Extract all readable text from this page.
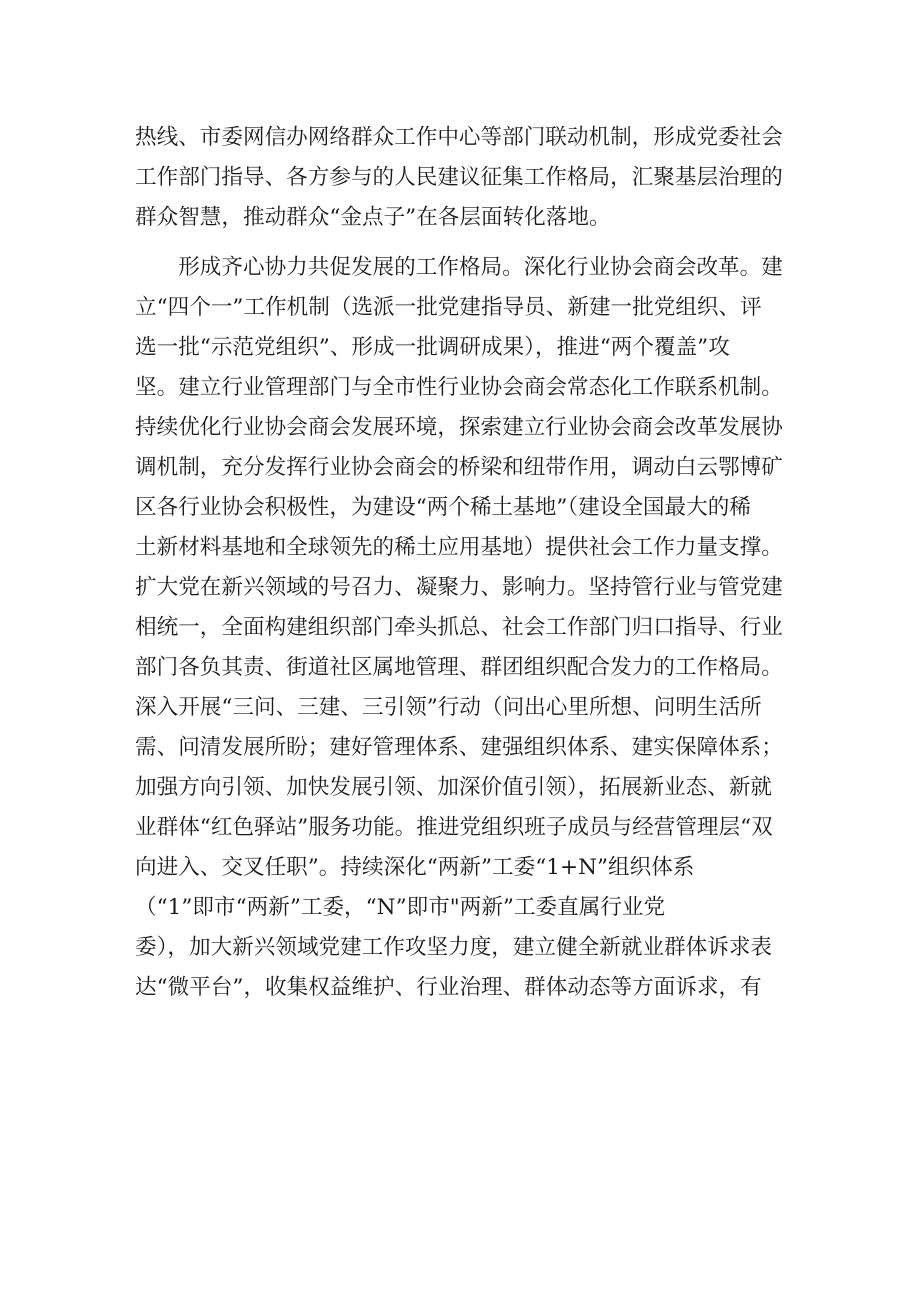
热线、市委网信办网络群众工作中心等部门联动机制，形成党委社会
工作部门指导、各方参与的人民建议征集工作格局，汇聚基层治理的
群众智慧，推动群众“金点子”在各层面转化落地。
　　形成齐心协力共促发展的工作格局。深化行业协会商会改革。建
立“四个一”工作机制（选派一批党建指导员、新建一批党组织、评
选一批“示范党组织”、形成一批调研成果），推进“两个覆盖”攻
坚。建立行业管理部门与全市性行业协会商会常态化工作联系机制。
持续优化行业协会商会发展环境，探索建立行业协会商会改革发展协
调机制，充分发挥行业协会商会的桥梁和纽带作用，调动白云鄂博矿
区各行业协会积极性，为建设“两个稀土基地”（建设全国最大的稀
土新材料基地和全球领先的稀土应用基地）提供社会工作力量支撑。
扩大党在新兴领域的号召力、凝聚力、影响力。坚持管行业与管党建
相统一，全面构建组织部门牵头抓总、社会工作部门归口指导、行业
部门各负其责、街道社区属地管理、群团组织配合发力的工作格局。
深入开展“三问、三建、三引领”行动（问出心里所想、问明生活所
需、问清发展所盼；建好管理体系、建强组织体系、建实保障体系；
加强方向引领、加快发展引领、加深价值引领），拓展新业态、新就
业群体“红色驿站”服务功能。推进党组织班子成员与经营管理层“双
向进入、交叉任职”。持续深化“两新”工委“1+N”组织体系
（“1”即市“两新”工委，“N”即市"两新”工委直属行业党
委），加大新兴领域党建工作攻坚力度，建立健全新就业群体诉求表
达“微平台”，收集权益维护、行业治理、群体动态等方面诉求，有
